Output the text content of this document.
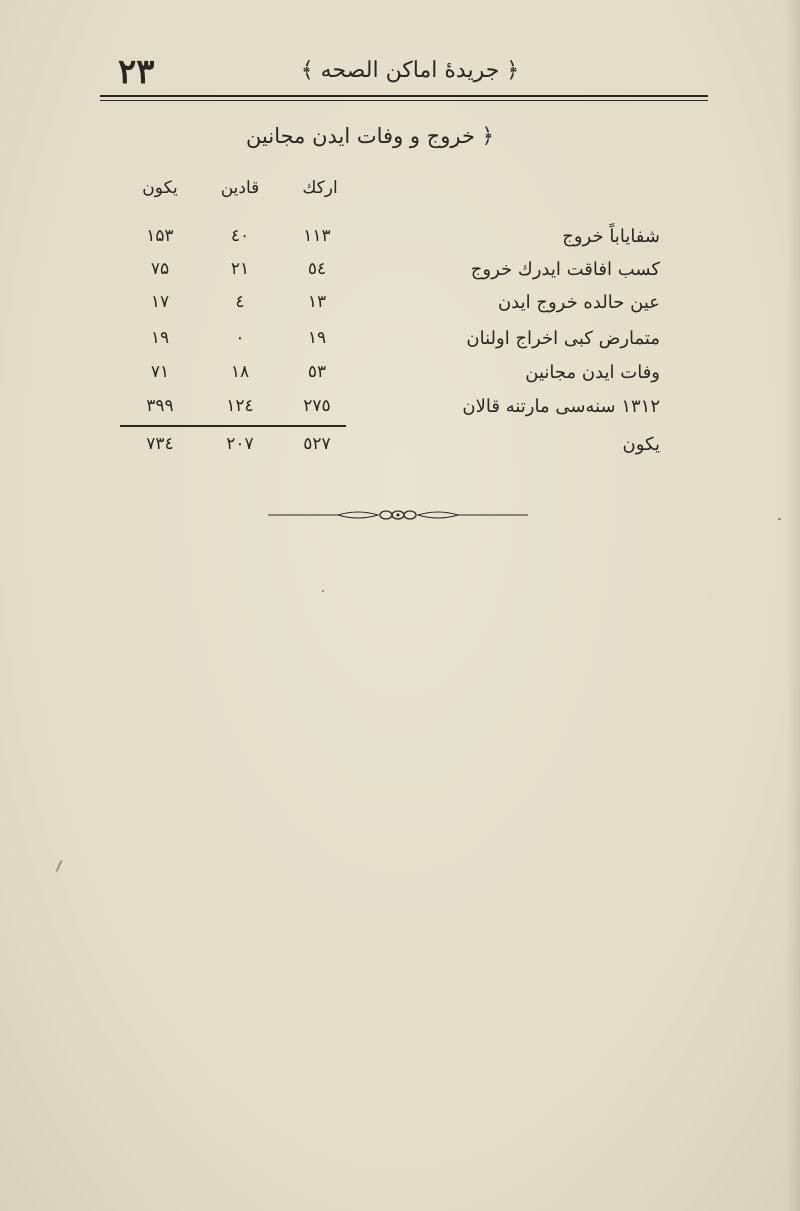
۲۳	﴿ جريدهٔ اماكن الصحه ﴾
﴿ خروج و وفات ايدن مجانين
اركك
قادين
يكون
شفاياباً خروج
۱۱۳
٤۰
۱۵۳
كسب افاقت ايدرك خروج
٥٤
۲۱
۷۵
عين حالده خروج ايدن
۱۳
٤
۱۷
متمارض كبى اخراج اولنان
۱۹
۰
۱۹
وفات ايدن مجانين
٥۳
۱۸
۷۱
۱۳۱۲ سنه‌سى مارتنه قالان
۲۷٥
۱۲٤
۳۹۹
يكون
٥۲۷
۲۰۷
۷۳٤
